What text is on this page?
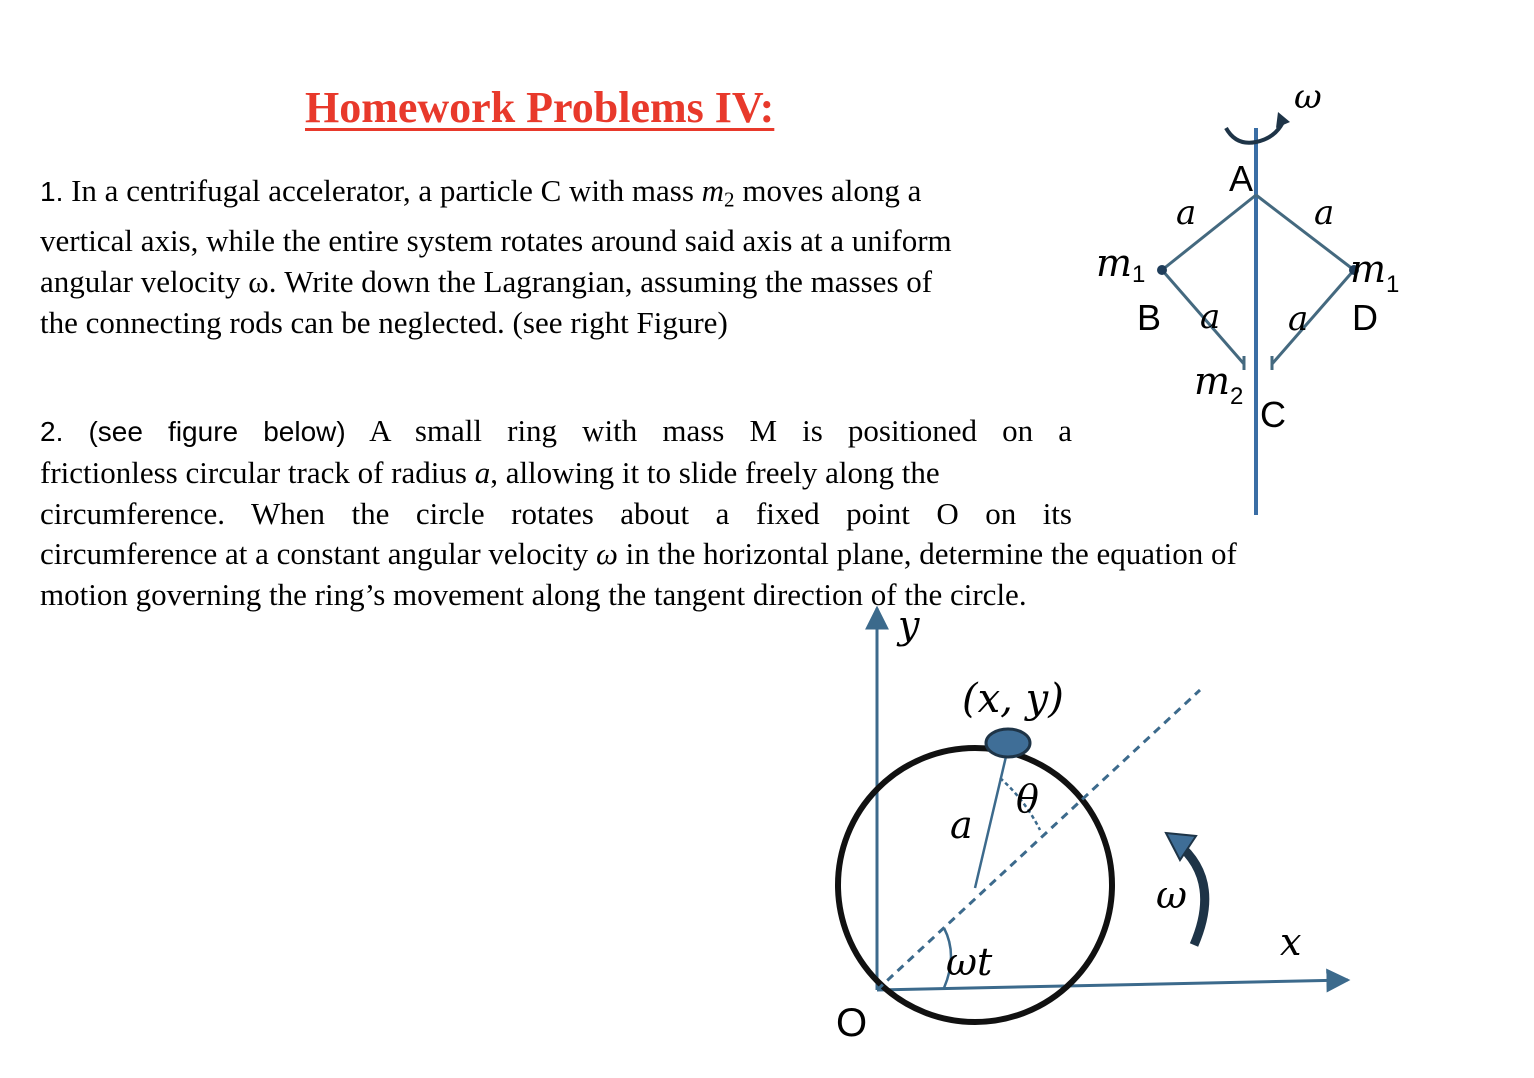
Homework Problems IV:
1. In a centrifugal accelerator, a particle C with mass $m_2$ moves along a
vertical axis, while the entire system rotates around said axis at a uniform
angular velocity ω. Write down the Lagrangian, assuming the masses of
the connecting rods can be neglected. (see right Figure)
2. (see figure below) A small ring with mass M is positioned on a
frictionless circular track of radius a, allowing it to slide freely along the
circumference. When the circle rotates about a fixed point O on its
circumference at a constant angular velocity ω in the horizontal plane, determine the equation of
motion governing the ring’s movement along the tangent direction of the circle.
ω
A
B	D
C
a	a
a a
m1	$m_1$
$m_2$
y
x
O
(x, y)
a
θ
ωt
ω
